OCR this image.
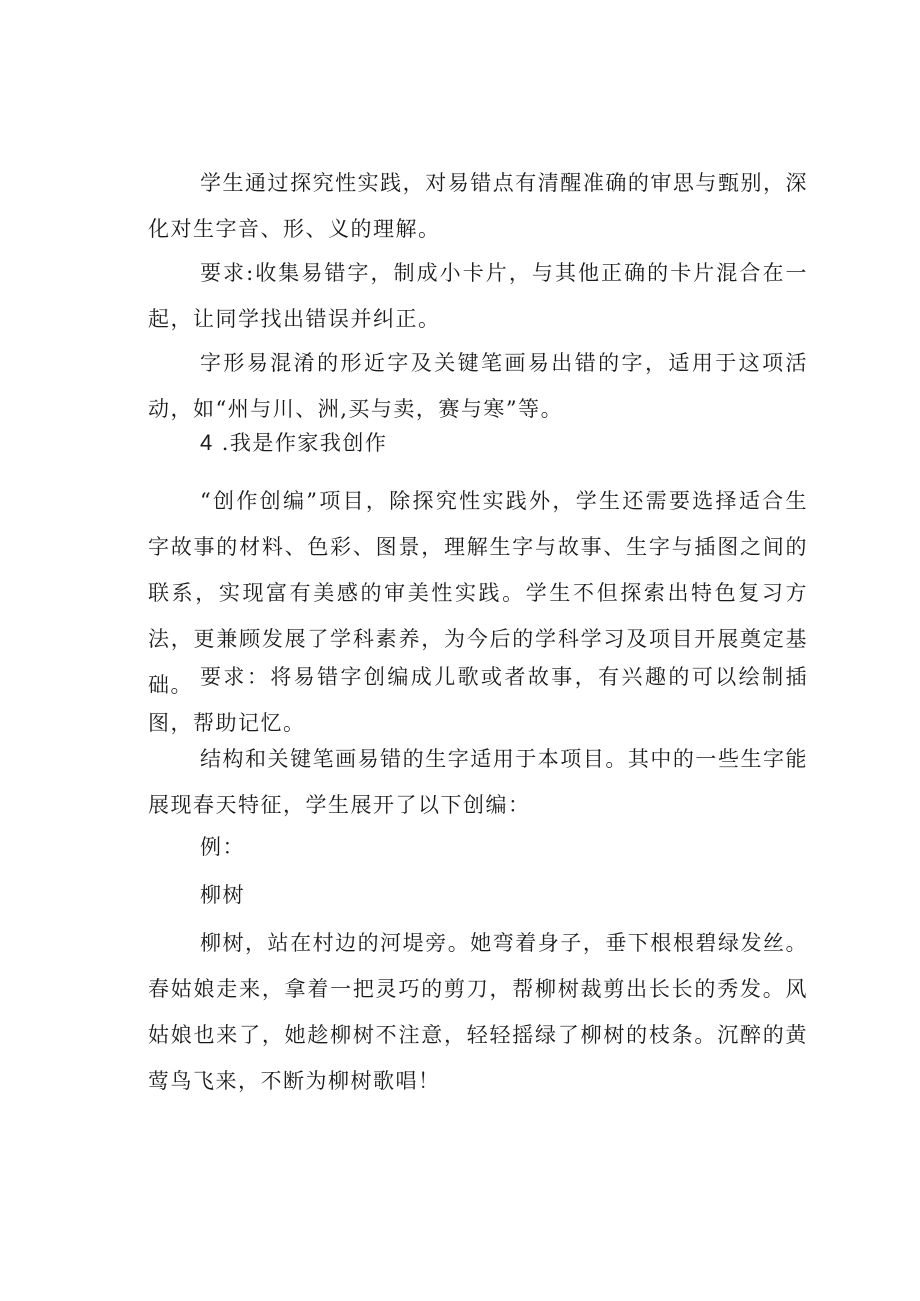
学生通过探究性实践，对易错点有清醒准确的审思与甄别，深化对生字音、形、义的理解。

要求:收集易错字，制成小卡片，与其他正确的卡片混合在一起，让同学找出错误并纠正。

字形易混淆的形近字及关键笔画易出错的字，适用于这项活动，如“州与川、洲,买与卖，赛与寒”等。

4 .我是作家我创作

“创作创编”项目，除探究性实践外，学生还需要选择适合生字故事的材料、色彩、图景，理解生字与故事、生字与插图之间的联系，实现富有美感的审美性实践。学生不但探索出特色复习方法，更兼顾发展了学科素养，为今后的学科学习及项目开展奠定基础。 要求：将易错字创编成儿歌或者故事，有兴趣的可以绘制插图，帮助记忆。

结构和关键笔画易错的生字适用于本项目。其中的一些生字能展现春天特征，学生展开了以下创编：

例：
柳树

柳树，站在村边的河堤旁。她弯着身子，垂下根根碧绿发丝。春姑娘走来，拿着一把灵巧的剪刀，帮柳树裁剪出长长的秀发。风姑娘也来了，她趁柳树不注意，轻轻摇绿了柳树的枝条。沉醉的黄莺鸟飞来，不断为柳树歌唱！
